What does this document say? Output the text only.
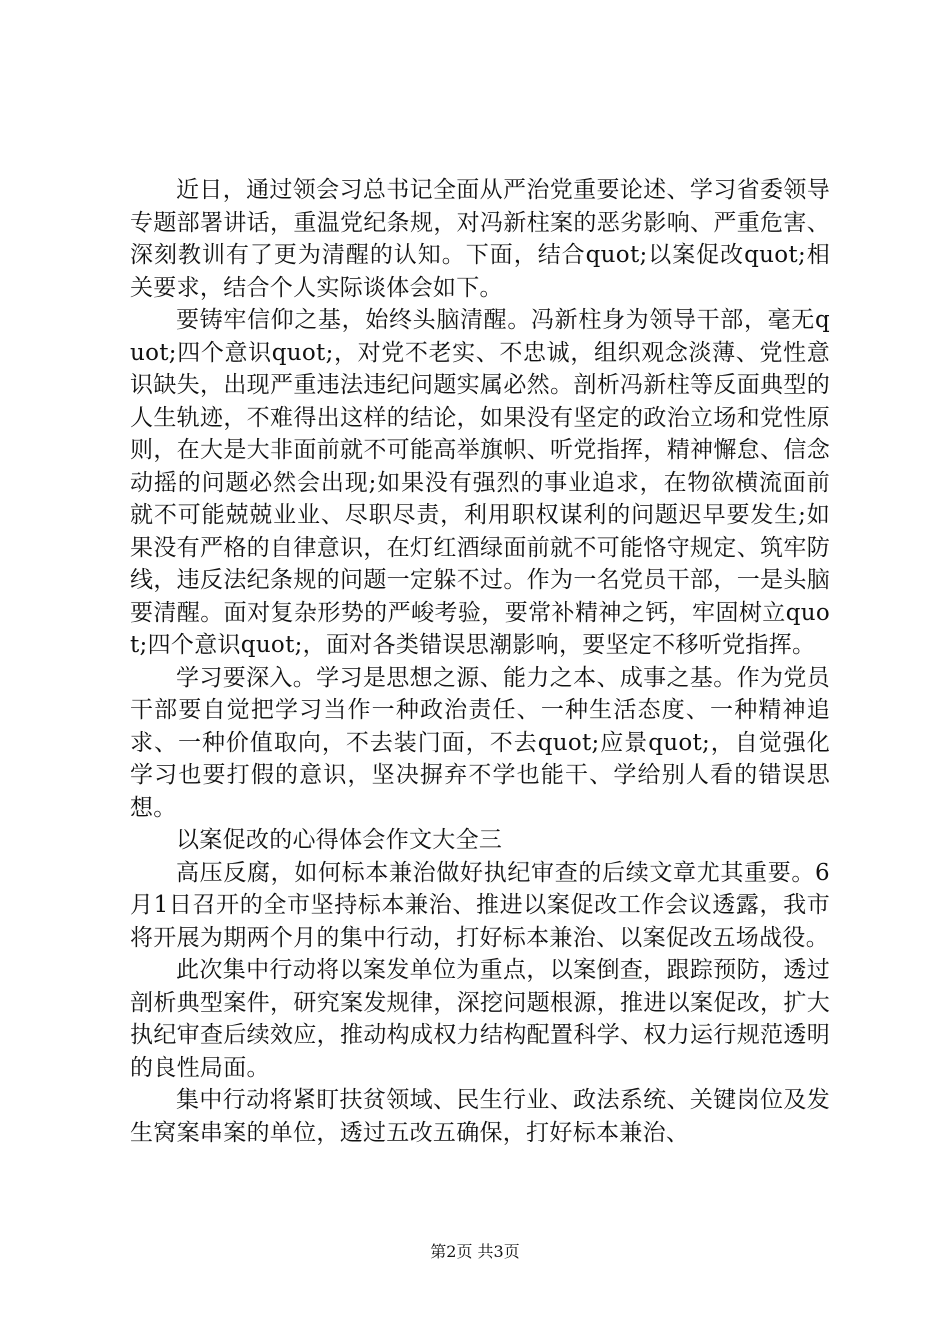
近日，通过领会习总书记全面从严治党重要论述、学习省委领导专题部署讲话，重温党纪条规，对冯新柱案的恶劣影响、严重危害、深刻教训有了更为清醒的认知。下面，结合quot;以案促改quot;相关要求，结合个人实际谈体会如下。

要铸牢信仰之基，始终头脑清醒。冯新柱身为领导干部，毫无quot;四个意识quot;，对党不老实、不忠诚，组织观念淡薄、党性意识缺失，出现严重违法违纪问题实属必然。剖析冯新柱等反面典型的人生轨迹，不难得出这样的结论，如果没有坚定的政治立场和党性原则，在大是大非面前就不可能高举旗帜、听党指挥，精神懈怠、信念动摇的问题必然会出现;如果没有强烈的事业追求，在物欲横流面前就不可能兢兢业业、尽职尽责，利用职权谋利的问题迟早要发生;如果没有严格的自律意识，在灯红酒绿面前就不可能恪守规定、筑牢防线，违反法纪条规的问题一定躲不过。作为一名党员干部，一是头脑要清醒。面对复杂形势的严峻考验，要常补精神之钙，牢固树立quot;四个意识quot;，面对各类错误思潮影响，要坚定不移听党指挥。

学习要深入。学习是思想之源、能力之本、成事之基。作为党员干部要自觉把学习当作一种政治责任、一种生活态度、一种精神追求、一种价值取向，不去装门面，不去quot;应景quot;，自觉强化学习也要打假的意识，坚决摒弃不学也能干、学给别人看的错误思想。

以案促改的心得体会作文大全三

高压反腐，如何标本兼治做好执纪审查的后续文章尤其重要。6月1日召开的全市坚持标本兼治、推进以案促改工作会议透露，我市将开展为期两个月的集中行动，打好标本兼治、以案促改五场战役。

此次集中行动将以案发单位为重点，以案倒查，跟踪预防，透过剖析典型案件，研究案发规律，深挖问题根源，推进以案促改，扩大执纪审查后续效应，推动构成权力结构配置科学、权力运行规范透明的良性局面。

集中行动将紧盯扶贫领域、民生行业、政法系统、关键岗位及发生窝案串案的单位，透过五改五确保，打好标本兼治、

第2页 共3页
